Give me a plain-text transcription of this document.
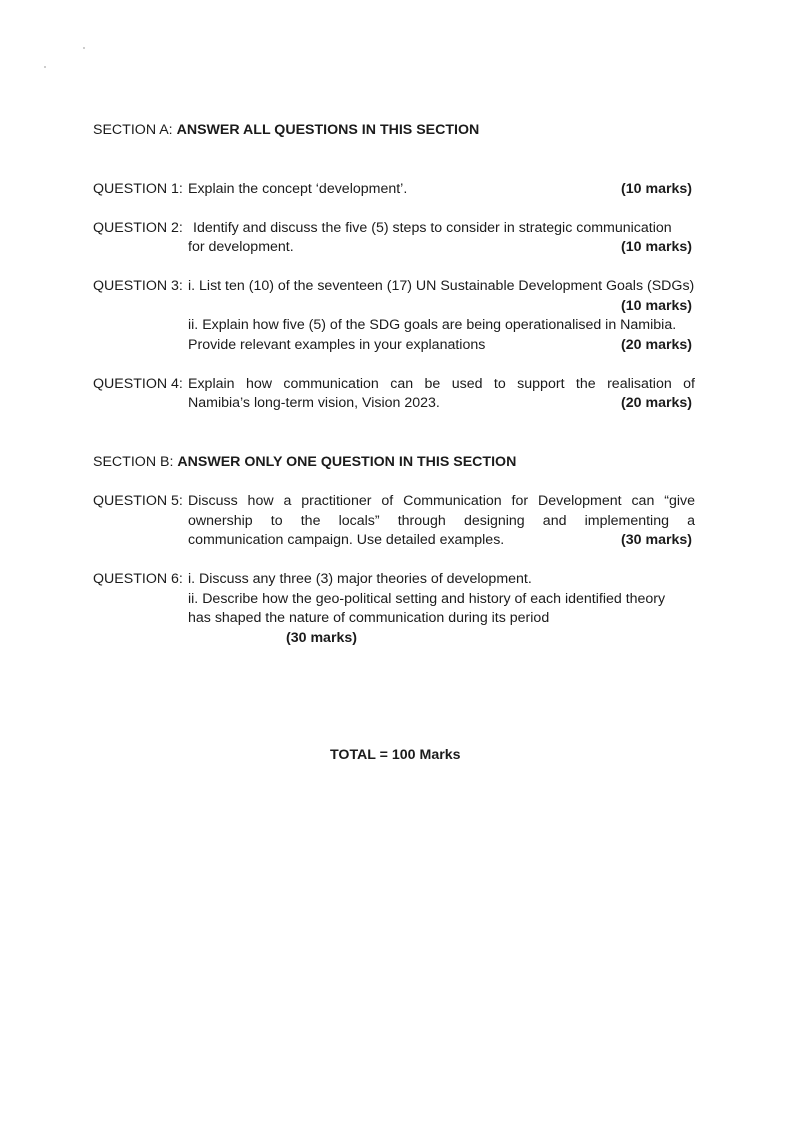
SECTION A: ANSWER ALL QUESTIONS IN THIS SECTION
QUESTION 1: Explain the concept ‘development’.	(10 marks)
QUESTION 2: Identify and discuss the five (5) steps to consider in strategic communication
for development.	(10 marks)
QUESTION 3: i. List ten (10) of the seventeen (17) UN Sustainable Development Goals (SDGs)
(10 marks)
ii. Explain how five (5) of the SDG goals are being operationalised in Namibia.
Provide relevant examples in your explanations	(20 marks)
QUESTION 4: Explain how communication can be used to support the realisation of
Namibia’s long-term vision, Vision 2023.	(20 marks)
SECTION B: ANSWER ONLY ONE QUESTION IN THIS SECTION
QUESTION 5: Discuss how a practitioner of Communication for Development can “give
ownership to the locals” through designing and implementing a
communication campaign. Use detailed examples.	(30 marks)
QUESTION 6: i. Discuss any three (3) major theories of development.
ii. Describe how the geo-political setting and history of each identified theory
has shaped the nature of communication during its period
(30 marks)
TOTAL = 100 Marks
